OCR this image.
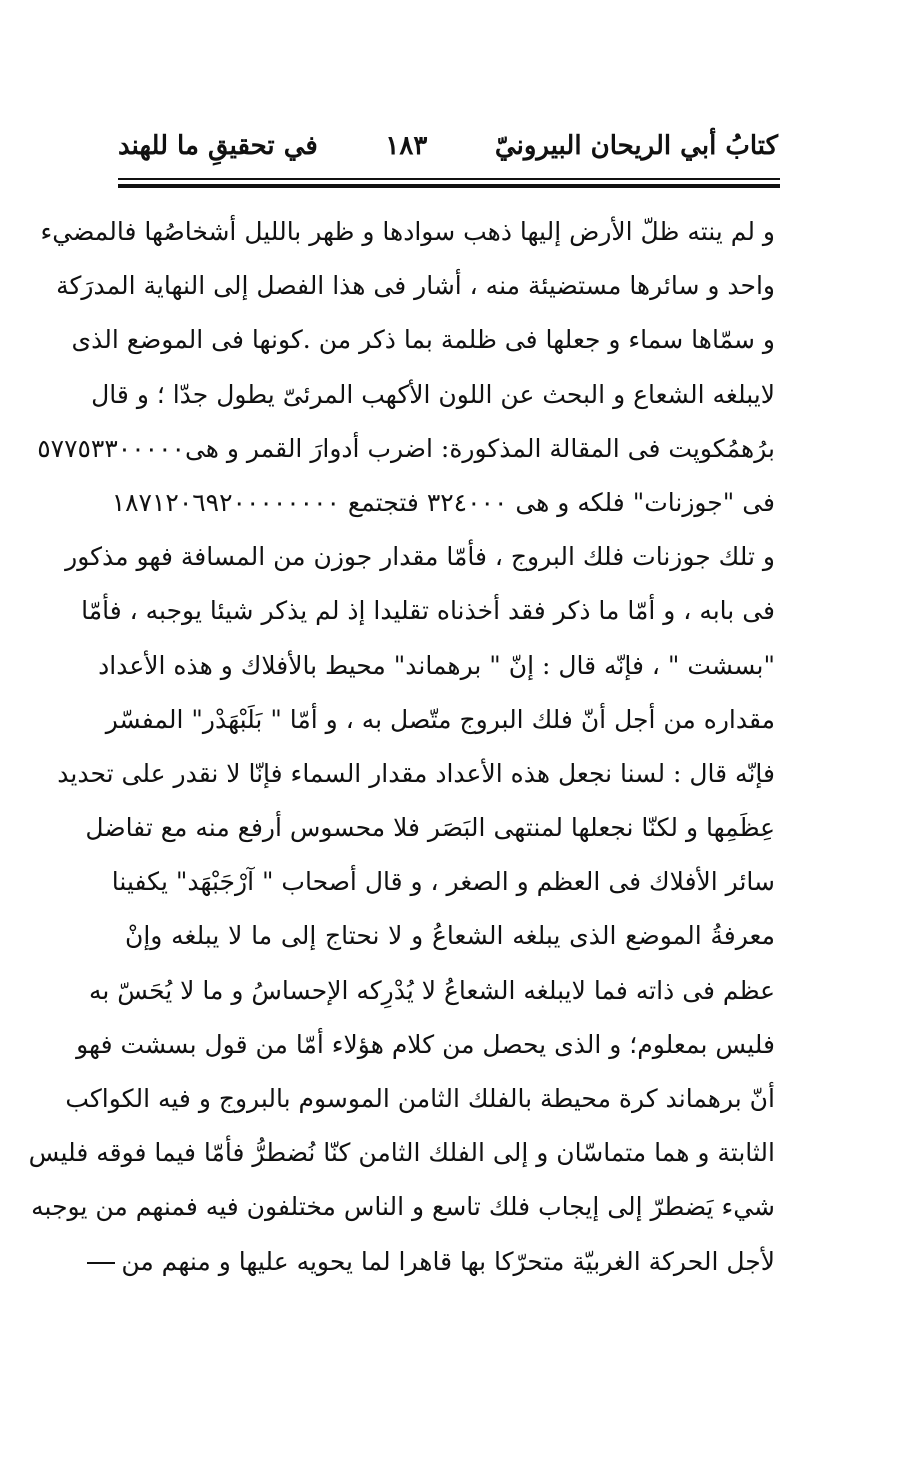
كتابُ أبي الريحان البيرونيّ
١٨٣
في تحقيقِ ما للهند
و لم ينته ظلّ الأرض إليها ذهب سوادها و ظهر بالليل أشخاصُها فالمضيء
واحد و سائرها مستضيئة منه ، أشار فى هذا الفصل إلى النهاية المدرَكة
و سمّاها سماء و جعلها فى ظلمة بما ذكر من .كونها فى الموضع الذى
لايبلغه الشعاع و البحث عن اللون الأكهب المرئىّ يطول جدّا ؛ و قال
برُهمُكوپت فى المقالة المذكورة: اضرب أدوارَ القمر و هى٥٧٧٥٣٣٠٠٠٠٠
فى "جوزنات" فلكه و هى ٣٢٤٠٠٠ فتجتمع ١٨٧١٢٠٦٩٢٠٠٠٠٠٠٠٠
و تلك جوزنات فلك البروج ، فأمّا مقدار جوزن من المسافة فهو مذكور
فى بابه ، و أمّا ما ذكر فقد أخذناه تقليدا إذ لم يذكر شيئا يوجبه ، فأمّا
"بسشت " ، فإنّه قال : إنّ " برهماند" محيط بالأفلاك و هذه الأعداد
مقداره من أجل أنّ فلك البروج متّصل به ، و أمّا " بَلَبْهَدْر" المفسّر
فإنّه قال : لسنا نجعل هذه الأعداد مقدار السماء فإنّا لا نقدر على تحديد
عِظَمِها و لكنّا نجعلها لمنتهى البَصَر فلا محسوس أرفع منه مع تفاضل
سائر الأفلاك فى العظم و الصغر ، و قال أصحاب " آرْجَبْهَد" يكفينا
معرفةُ الموضع الذى يبلغه الشعاعُ و لا نحتاج إلى ما لا يبلغه وإنْ
عظم فى ذاته فما لايبلغه الشعاعُ لا يُدْرِكه الإحساسُ و ما لا يُحَسّ به
فليس بمعلوم؛ و الذى يحصل من كلام هؤلاء أمّا من قول بسشت فهو
أنّ برهماند كرة محيطة بالفلك الثامن الموسوم بالبروج و فيه الكواكب
الثابتة و هما متماسّان و إلى الفلك الثامن كنّا نُضطرُّ فأمّا فيما فوقه فليس
شيء يَضطرّ إلى إيجاب فلك تاسع و الناس مختلفون فيه فمنهم من يوجبه
لأجل الحركة الغربيّة متحرّكا بها قاهرا لما يحويه عليها و منهم من
